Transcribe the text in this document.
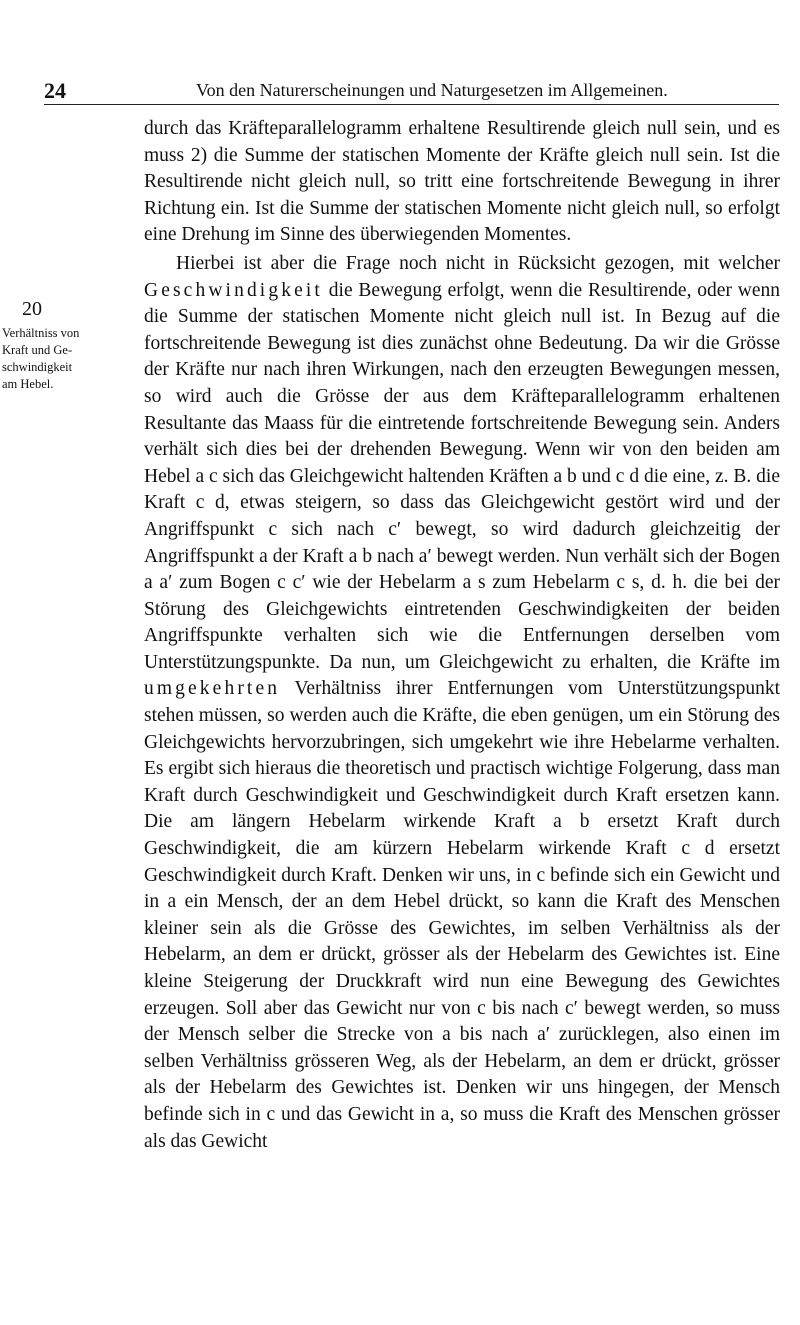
24	Von den Naturerscheinungen und Naturgesetzen im Allgemeinen.
20
Verhältniss von
Kraft und Ge-
schwindigkeit
am Hebel.

durch das Kräfteparallelogramm erhaltene Resultirende gleich null sein, und es muss 2) die Summe der statischen Momente der Kräfte gleich null sein. Ist die Resultirende nicht gleich null, so tritt eine fortschreitende Bewegung in ihrer Richtung ein. Ist die Summe der statischen Momente nicht gleich null, so erfolgt eine Drehung im Sinne des überwiegenden Momentes.

Hierbei ist aber die Frage noch nicht in Rücksicht gezogen, mit welcher Geschwindigkeit die Bewegung erfolgt, wenn die Resultirende, oder wenn die Summe der statischen Momente nicht gleich null ist. In Bezug auf die fortschreitende Bewegung ist dies zunächst ohne Bedeutung. Da wir die Grösse der Kräfte nur nach ihren Wirkungen, nach den erzeugten Bewegungen messen, so wird auch die Grösse der aus dem Kräfteparallelogramm erhaltenen Resultante das Maass für die eintretende fortschreitende Bewegung sein. Anders verhält sich dies bei der drehenden Bewegung. Wenn wir von den beiden am Hebel a c sich das Gleichgewicht haltenden Kräften a b und c d die eine, z. B. die Kraft c d, etwas steigern, so dass das Gleichgewicht gestört wird und der Angriffspunkt c sich nach c′ bewegt, so wird dadurch gleichzeitig der Angriffspunkt a der Kraft a b nach a′ bewegt werden. Nun verhält sich der Bogen a a′ zum Bogen c c′ wie der Hebelarm a s zum Hebelarm c s, d. h. die bei der Störung des Gleichgewichts eintretenden Geschwindigkeiten der beiden Angriffspunkte verhalten sich wie die Entfernungen derselben vom Unterstützungspunkte. Da nun, um Gleichgewicht zu erhalten, die Kräfte im umgekehrten Verhältniss ihrer Entfernungen vom Unterstützungspunkt stehen müssen, so werden auch die Kräfte, die eben genügen, um ein Störung des Gleichgewichts hervorzubringen, sich umgekehrt wie ihre Hebelarme verhalten. Es ergibt sich hieraus die theoretisch und practisch wichtige Folgerung, dass man Kraft durch Geschwindigkeit und Geschwindigkeit durch Kraft ersetzen kann. Die am längern Hebelarm wirkende Kraft a b ersetzt Kraft durch Geschwindigkeit, die am kürzern Hebelarm wirkende Kraft c d ersetzt Geschwindigkeit durch Kraft. Denken wir uns, in c befinde sich ein Gewicht und in a ein Mensch, der an dem Hebel drückt, so kann die Kraft des Menschen kleiner sein als die Grösse des Gewichtes, im selben Verhältniss als der Hebelarm, an dem er drückt, grösser als der Hebelarm des Gewichtes ist. Eine kleine Steigerung der Druckkraft wird nun eine Bewegung des Gewichtes erzeugen. Soll aber das Gewicht nur von c bis nach c′ bewegt werden, so muss der Mensch selber die Strecke von a bis nach a′ zurücklegen, also einen im selben Verhältniss grösseren Weg, als der Hebelarm, an dem er drückt, grösser als der Hebelarm des Gewichtes ist. Denken wir uns hingegen, der Mensch befinde sich in c und das Gewicht in a, so muss die Kraft des Menschen grösser als das Gewicht
